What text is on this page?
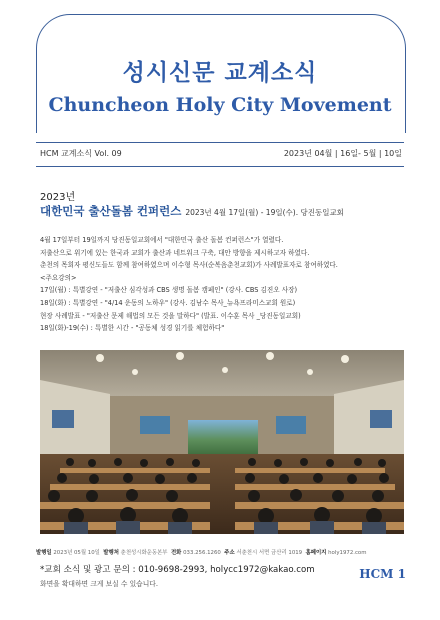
성시신문 교계소식
Chuncheon Holy City Movement
HCM 교계소식 Vol. 09	2023년 04월 | 16일- 5월 | 10일
2023년
대한민국 출산돌봄 컨퍼런스 2023년 4월 17일(월) - 19일(수). 당진동일교회

4월 17일부터 19일까지 당진동일교회에서 "대한민국 출산 돌봄 컨퍼런스"가 열렸다.

저출산으로 위기에 있는 한국과 교회가 출산과 네트워크 구축, 대안 방향을 제시하고자 하였다.

춘천의 목회자 평신도들도 함께 참여하였으며 이수형 목사(순복음춘천교회)가 사례발표자로 참여하였다.

<주요강의>

17일(월) : 특별강연 - "저출산 심각성과 CBS 생명 돌봄 캠페인" (강사. CBS 김진오 사장)

18일(화) : 특별강연 - "4/14 운동의 노하우" (강사. 김남수 목사_뉴욕프라미스교회 원로)

현장 사례발표 - "저출산 문제 해법의 모든 것을 말하다" (발표. 이수훈 목사 _당진동일교회)

18일(화)-19(수) : 특별한 시간 - "공동체 성경 읽기를 체험하다"

발행일 2023년 05월 10일 발행처 춘천성시화운동본부 전화 033.256.1260 주소 서춘천시 서면 금산리 1019 홈페이지 holy1972.com
*교회 소식 및 광고 문의 : 010-9698-2993, holycc1972@kakao.com
화면을 확대하면 크게 보실 수 있습니다.
HCM 1
